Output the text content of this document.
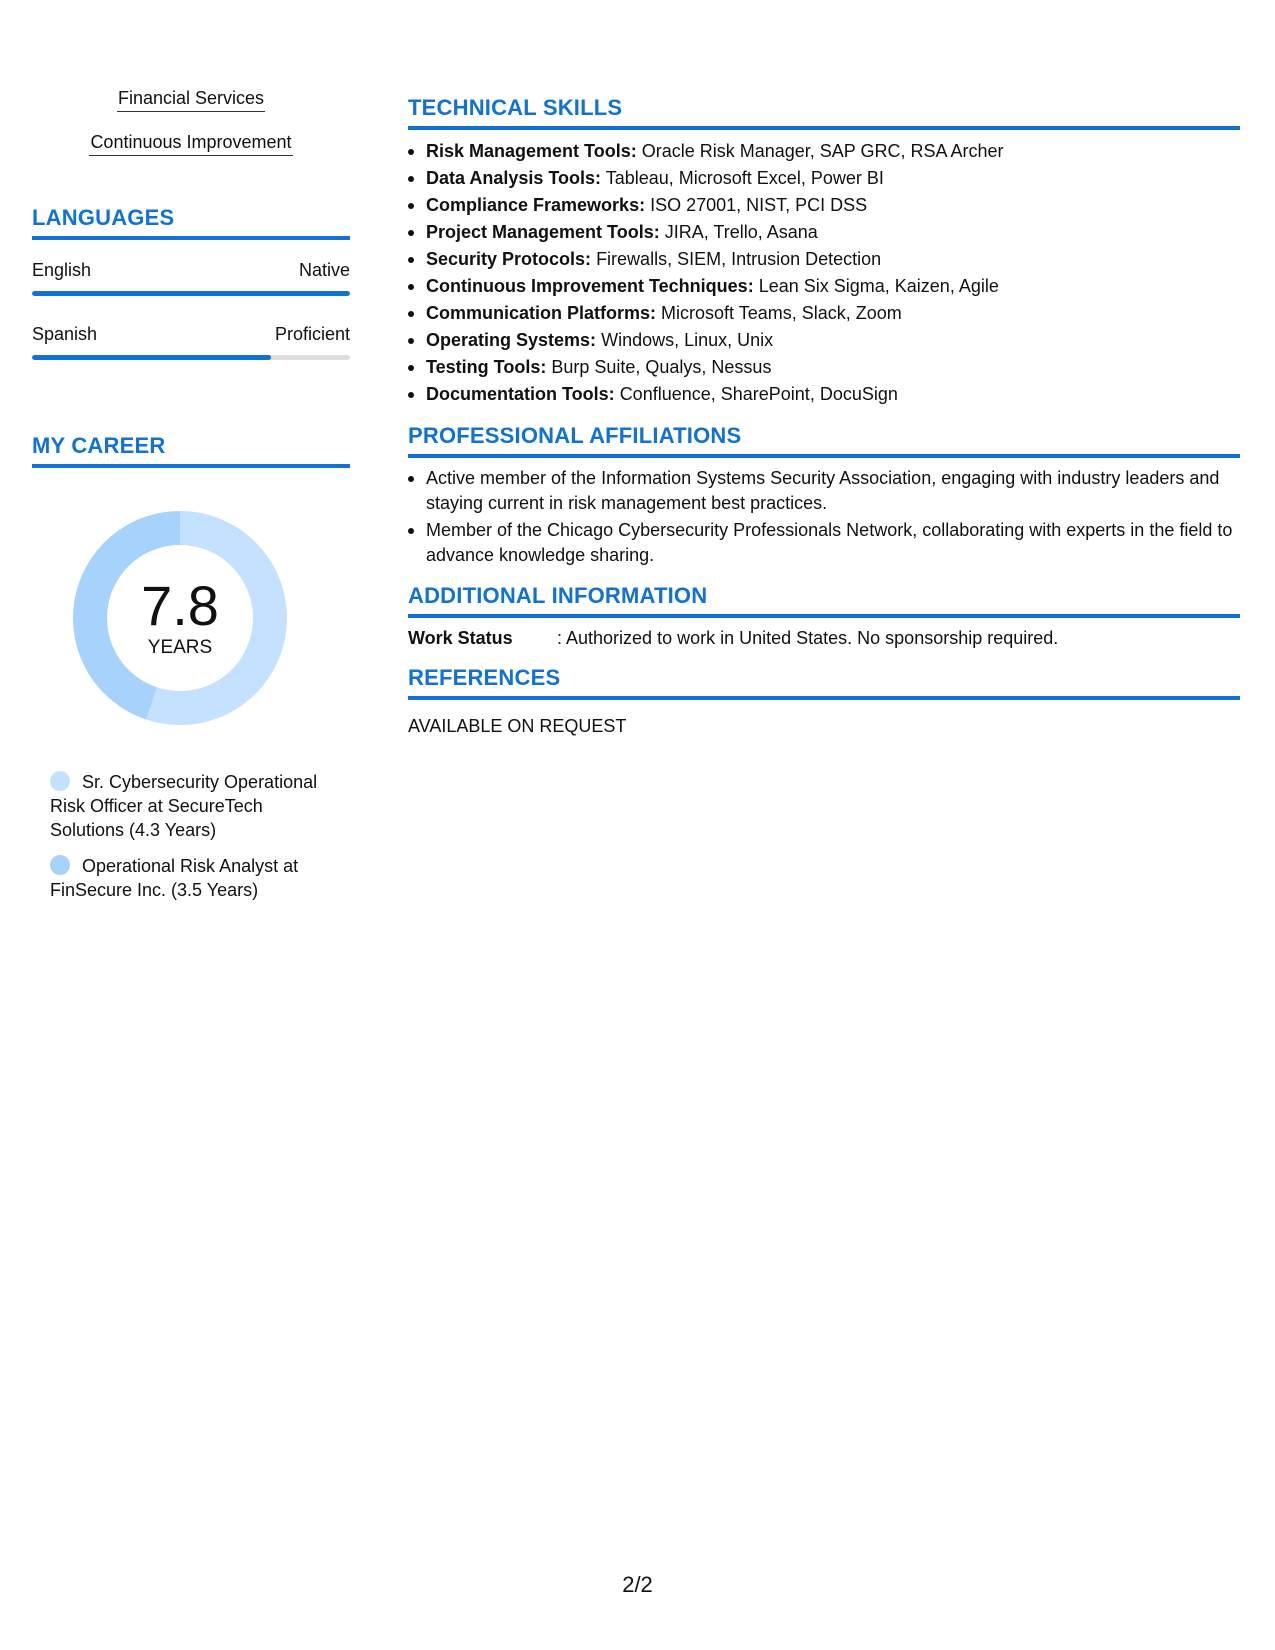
Financial Services
Continuous Improvement
LANGUAGES
English	Native
Spanish	Proficient
MY CAREER
7.8
YEARS
Sr. Cybersecurity Operational Risk Officer at SecureTech Solutions (4.3 Years)
Operational Risk Analyst at FinSecure Inc. (3.5 Years)
TECHNICAL SKILLS
Risk Management Tools: Oracle Risk Manager, SAP GRC, RSA Archer
Data Analysis Tools: Tableau, Microsoft Excel, Power BI
Compliance Frameworks: ISO 27001, NIST, PCI DSS
Project Management Tools: JIRA, Trello, Asana
Security Protocols: Firewalls, SIEM, Intrusion Detection
Continuous Improvement Techniques: Lean Six Sigma, Kaizen, Agile
Communication Platforms: Microsoft Teams, Slack, Zoom
Operating Systems: Windows, Linux, Unix
Testing Tools: Burp Suite, Qualys, Nessus
Documentation Tools: Confluence, SharePoint, DocuSign
PROFESSIONAL AFFILIATIONS
Active member of the Information Systems Security Association, engaging with industry leaders and staying current in risk management best practices.
Member of the Chicago Cybersecurity Professionals Network, collaborating with experts in the field to advance knowledge sharing.
ADDITIONAL INFORMATION
Work Status	: Authorized to work in United States. No sponsorship required.
REFERENCES
AVAILABLE ON REQUEST
2/2
